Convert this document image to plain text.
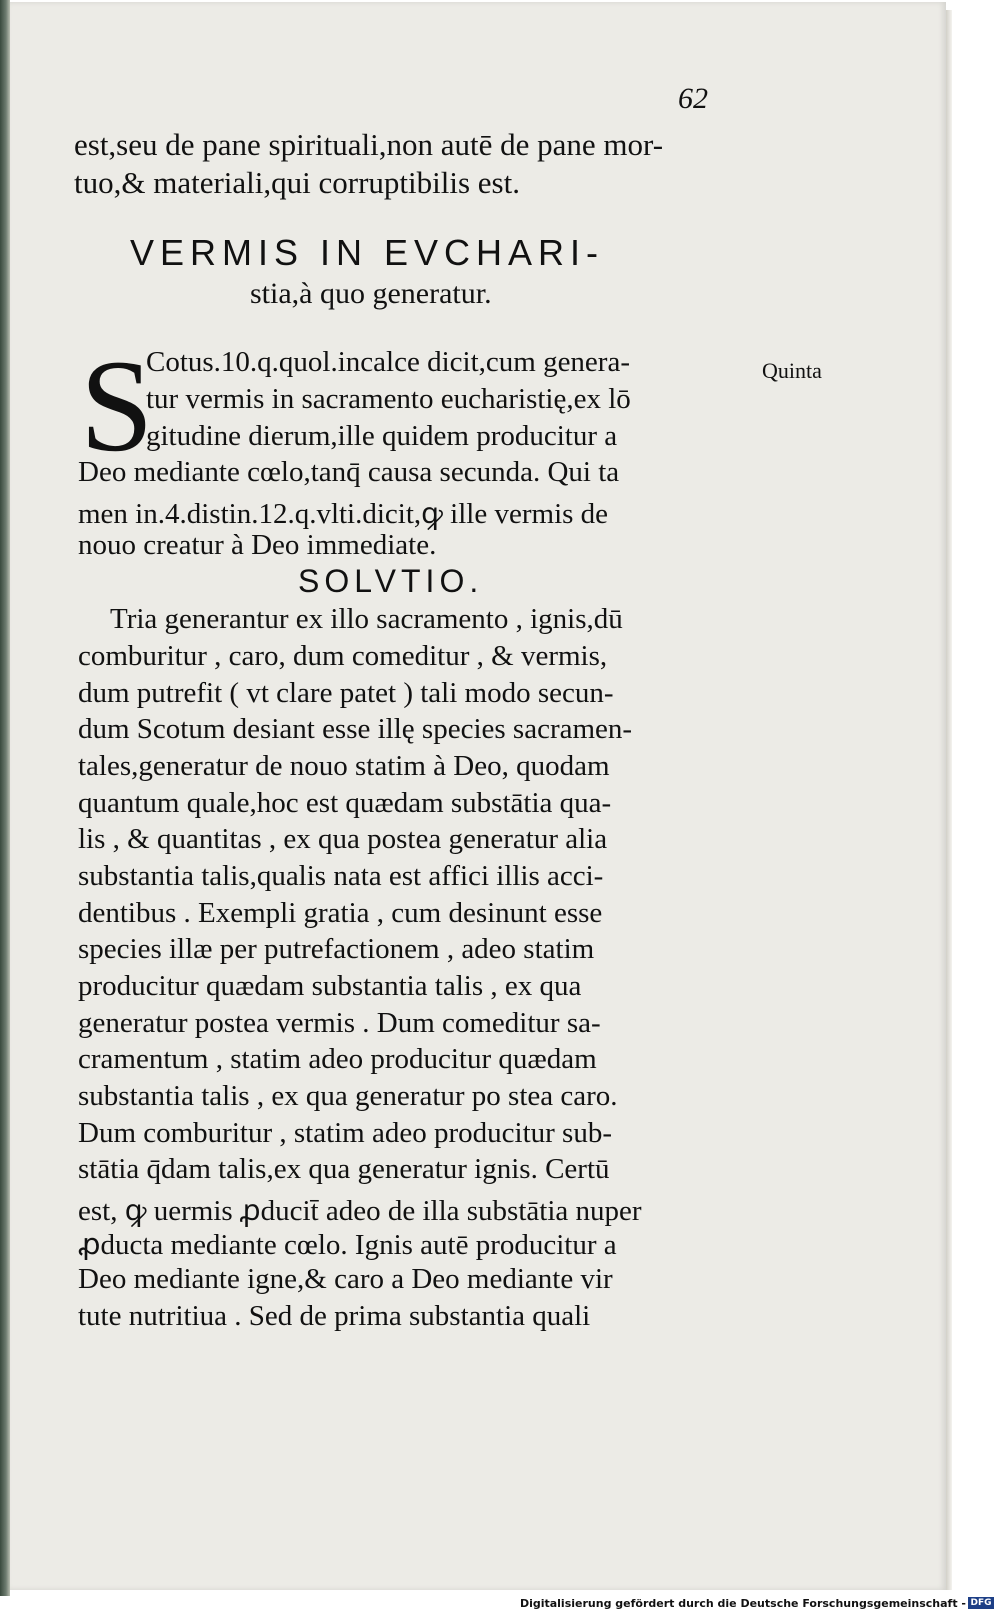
62
est,seu de pane spirituali,non autē de pane mor-
tuo,& materiali,qui corruptibilis est.
VERMIS IN EVCHARI-
stia,à quo generatur.
S	Quinta
Cotus.10.q.quol.incalce dicit,cum genera-
tur vermis in sacramento eucharistię,ex lō
gitudine dierum,ille quidem producitur a
Deo mediante cœlo,tanq̄ causa secunda. Qui ta
men in.4.distin.12.q.vlti.dicit,ꝙ ille vermis de
nouo creatur à Deo immediate.
SOLVTIO.
Tria generantur ex illo sacramento , ignis,dū
comburitur , caro, dum comeditur , & vermis,
dum putrefit ( vt clare patet ) tali modo secun-
dum Scotum desiant esse illę species sacramen-
tales,generatur de nouo statim à Deo, quodam
quantum quale,hoc est quædam substātia qua-
lis , & quantitas , ex qua postea generatur alia
substantia talis,qualis nata est affici illis acci-
dentibus . Exempli gratia , cum desinunt esse
species illæ per putrefactionem , adeo statim
producitur quædam substantia talis , ex qua
generatur postea vermis . Dum comeditur sa-
cramentum , statim adeo producitur quædam
substantia talis , ex qua generatur po stea caro.
Dum comburitur , statim adeo producitur sub-
stātia q̄dam talis,ex qua generatur ignis. Certū
est, ꝙ uermis ꝓducit̄ adeo de illa substātia nuper
ꝓducta mediante cœlo. Ignis autē producitur a
Deo mediante igne,& caro a Deo mediante vir
tute nutritiua . Sed de prima substantia quali
Digitalisierung gefördert durch die Deutsche Forschungsgemeinschaft - DFG
